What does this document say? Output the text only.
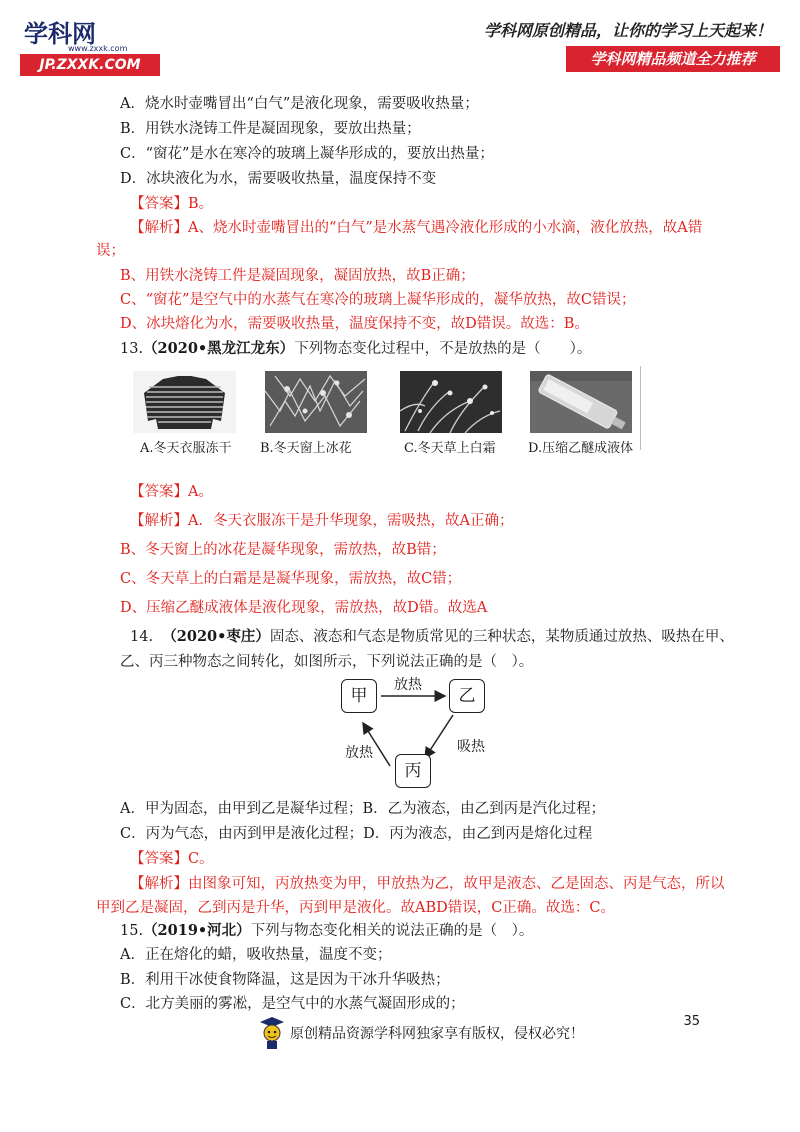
学科网
www.zxxk.com
JP.ZXXK.COM
学科网原创精品，让你的学习上天起来！
学科网精品频道全力推荐
A．烧水时壶嘴冒出“白气”是液化现象，需要吸收热量；
B．用铁水浇铸工件是凝固现象，要放出热量；
C．“窗花”是水在寒冷的玻璃上凝华形成的，要放出热量；
D．冰块液化为水，需要吸收热量，温度保持不变
【答案】B。
【解析】A、烧水时壶嘴冒出的“白气”是水蒸气遇冷液化形成的小水滴，液化放热，故A错
误；
B、用铁水浇铸工件是凝固现象，凝固放热，故B正确；
C、“窗花”是空气中的水蒸气在寒冷的玻璃上凝华形成的，凝华放热，故C错误；
D、冰块熔化为水，需要吸收热量，温度保持不变，故D错误。故选：B。
13.（2020•黑龙江龙东）下列物态变化过程中，不是放热的是（　　）。
A.冬天衣服冻干 B.冬天窗上冰花	C.冬天草上白霜 D.压缩乙醚成液体
【答案】A。
【解析】A．冬天衣服冻干是升华现象，需吸热，故A正确；
B、冬天窗上的冰花是凝华现象，需放热，故B错；
C、冬天草上的白霜是是凝华现象，需放热，故C错；
D、压缩乙醚成液体是液化现象，需放热，故D错。故选A
14. （2020•枣庄）固态、液态和气态是物质常见的三种状态，某物质通过放热、吸热在甲、
乙、丙三种物态之间转化，如图所示，下列说法正确的是（　）。
甲	乙
丙
放热
吸热
放热
A．甲为固态，由甲到乙是凝华过程；B．乙为液态，由乙到丙是汽化过程；
C．丙为气态，由丙到甲是液化过程；D．丙为液态，由乙到丙是熔化过程
【答案】C。
【解析】由图象可知，丙放热变为甲，甲放热为乙，故甲是液态、乙是固态、丙是气态，所以
甲到乙是凝固，乙到丙是升华，丙到甲是液化。故ABD错误，C正确。故选：C。
15.（2019•河北）下列与物态变化相关的说法正确的是（　）。
A．正在熔化的蜡，吸收热量，温度不变；
B．利用干冰使食物降温，这是因为干冰升华吸热；
C．北方美丽的雾凇，是空气中的水蒸气凝固形成的；
35
原创精品资源学科网独家享有版权，侵权必究！
